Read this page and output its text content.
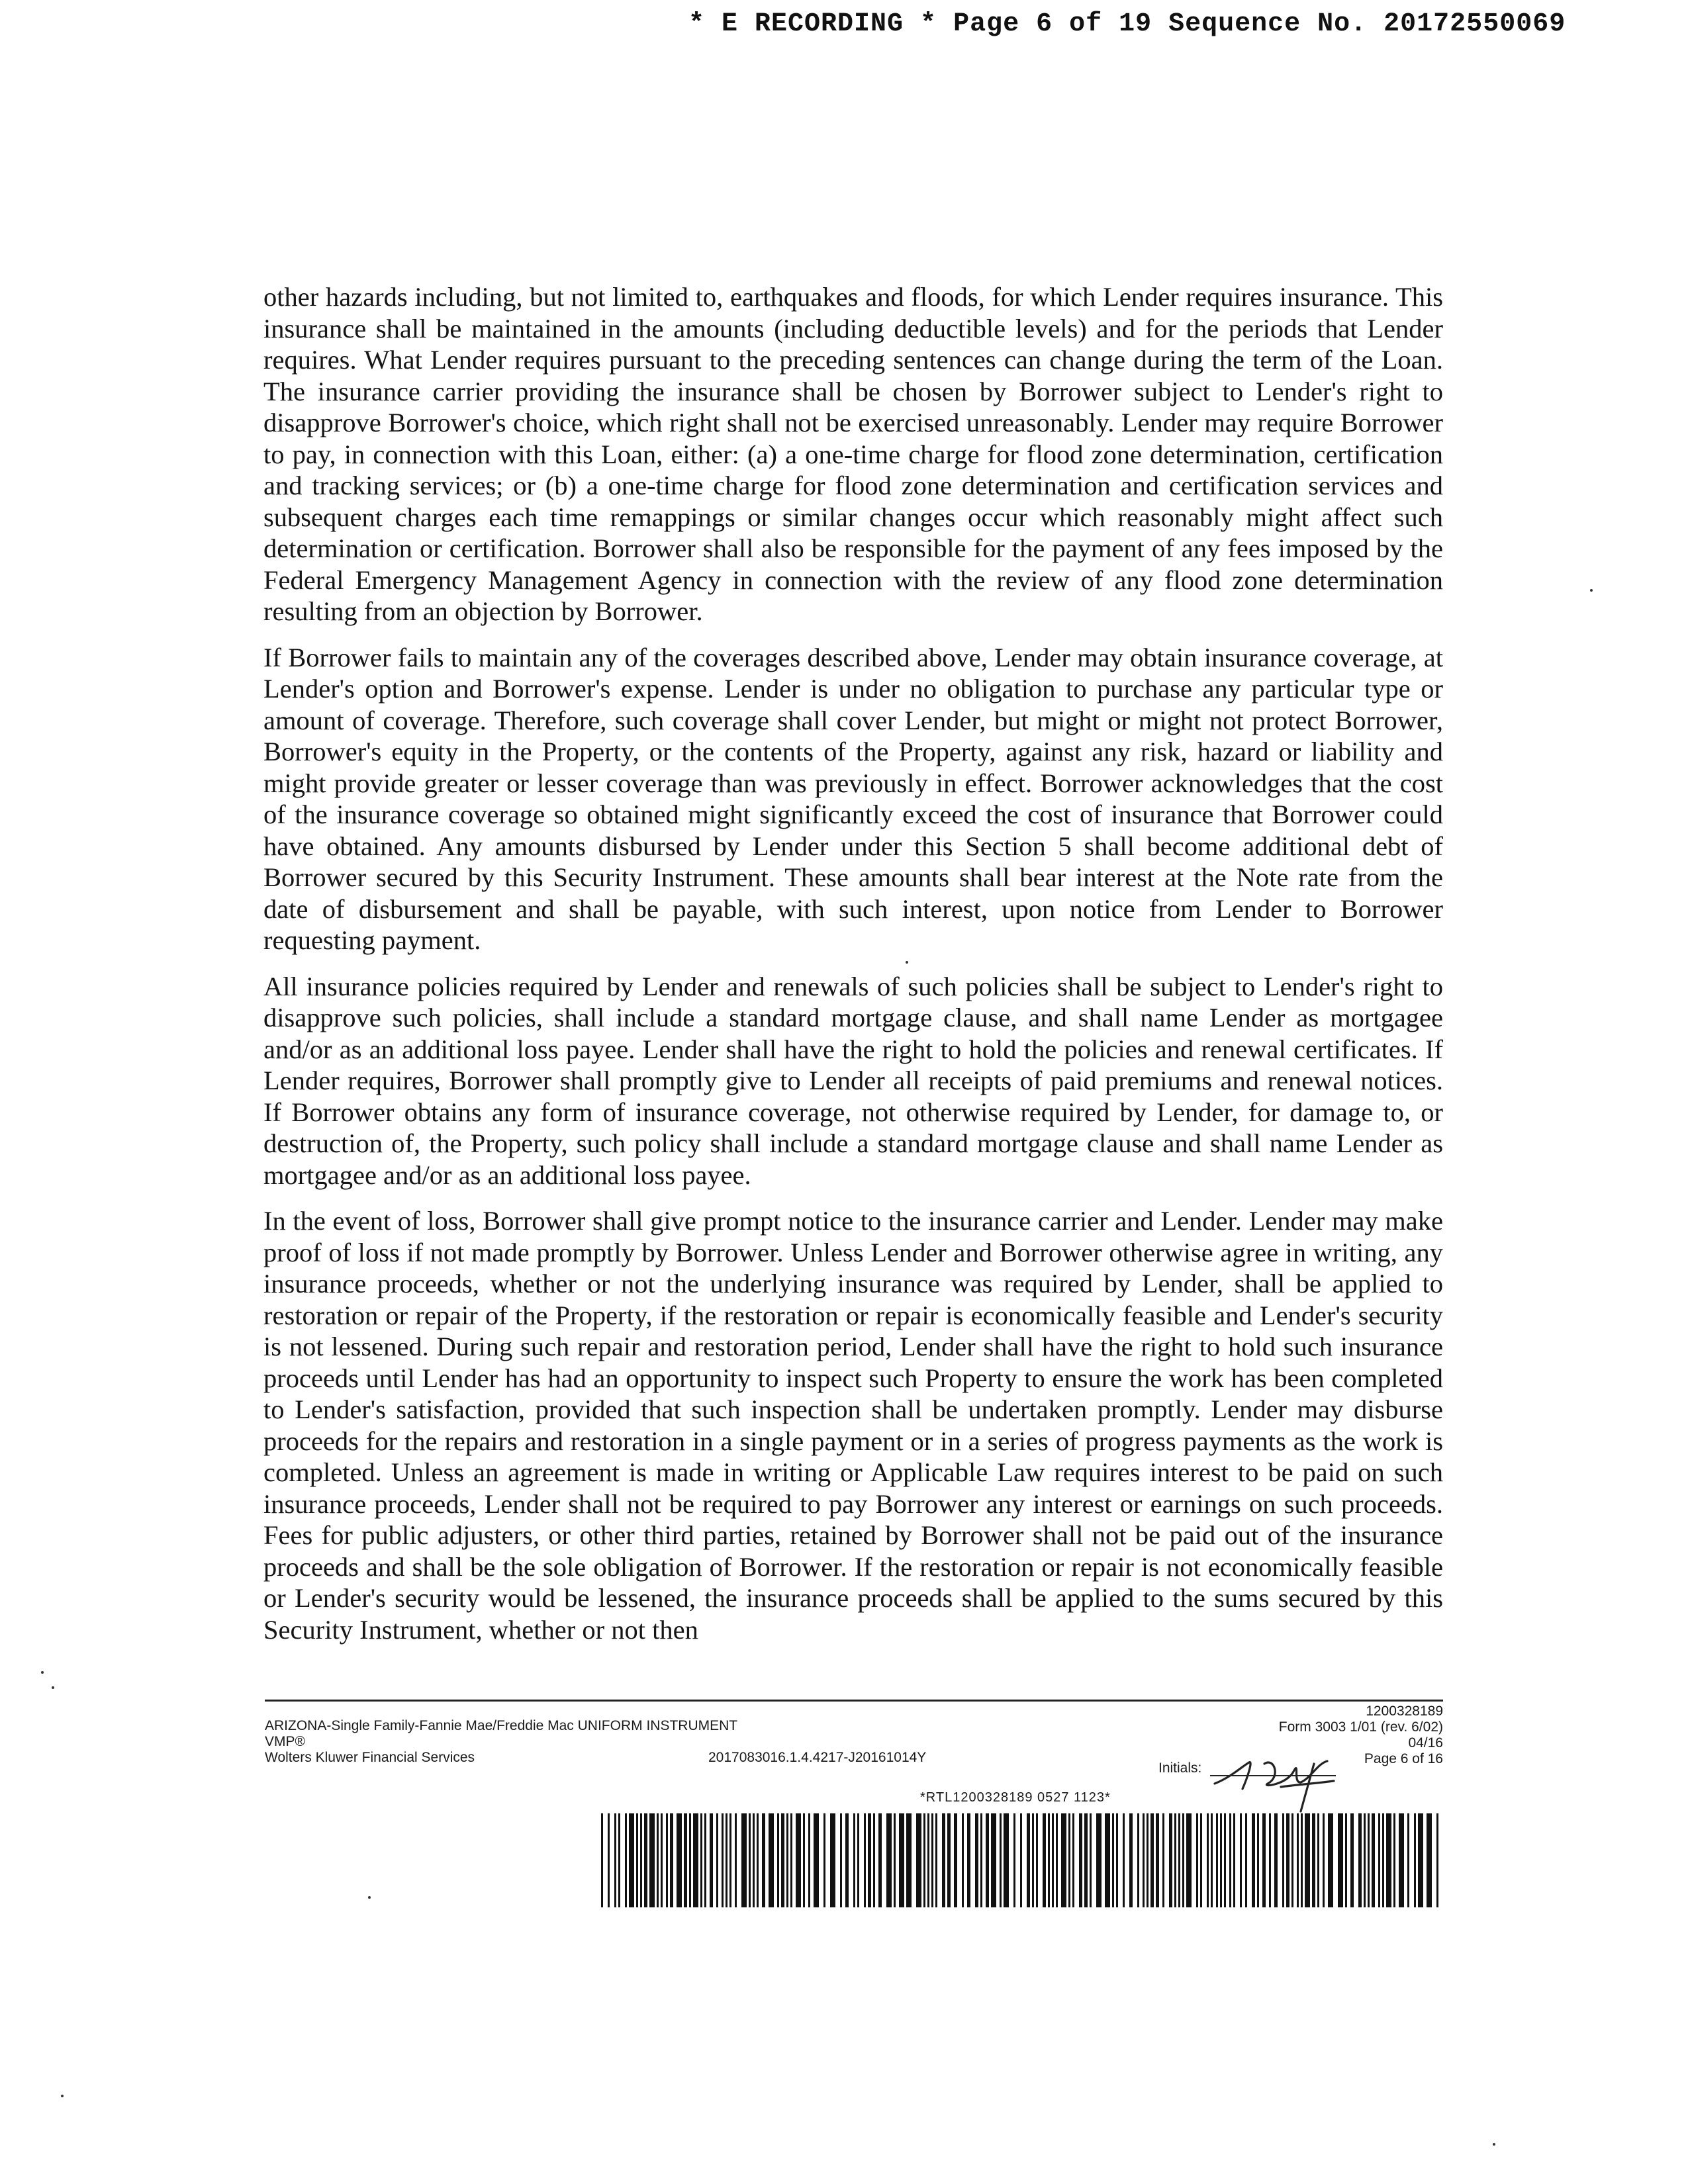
* E RECORDING * Page 6 of 19 Sequence No. 20172550069

other hazards including, but not limited to, earthquakes and floods, for which Lender requires insurance. This insurance shall be maintained in the amounts (including deductible levels) and for the periods that Lender requires. What Lender requires pursuant to the preceding sentences can change during the term of the Loan. The insurance carrier providing the insurance shall be chosen by Borrower subject to Lender's right to disapprove Borrower's choice, which right shall not be exercised unreasonably. Lender may require Borrower to pay, in connection with this Loan, either: (a) a one-time charge for flood zone determination, certification and tracking services; or (b) a one-time charge for flood zone determination and certification services and subsequent charges each time remappings or similar changes occur which reasonably might affect such determination or certification. Borrower shall also be responsible for the payment of any fees imposed by the Federal Emergency Management Agency in connection with the review of any flood zone determination resulting from an objection by Borrower.

If Borrower fails to maintain any of the coverages described above, Lender may obtain insurance coverage, at Lender's option and Borrower's expense. Lender is under no obligation to purchase any particular type or amount of coverage. Therefore, such coverage shall cover Lender, but might or might not protect Borrower, Borrower's equity in the Property, or the contents of the Property, against any risk, hazard or liability and might provide greater or lesser coverage than was previously in effect. Borrower acknowledges that the cost of the insurance coverage so obtained might significantly exceed the cost of insurance that Borrower could have obtained. Any amounts disbursed by Lender under this Section 5 shall become additional debt of Borrower secured by this Security Instrument. These amounts shall bear interest at the Note rate from the date of disbursement and shall be payable, with such interest, upon notice from Lender to Borrower requesting payment.

All insurance policies required by Lender and renewals of such policies shall be subject to Lender's right to disapprove such policies, shall include a standard mortgage clause, and shall name Lender as mortgagee and/or as an additional loss payee. Lender shall have the right to hold the policies and renewal certificates. If Lender requires, Borrower shall promptly give to Lender all receipts of paid premiums and renewal notices. If Borrower obtains any form of insurance coverage, not otherwise required by Lender, for damage to, or destruction of, the Property, such policy shall include a standard mortgage clause and shall name Lender as mortgagee and/or as an additional loss payee.

In the event of loss, Borrower shall give prompt notice to the insurance carrier and Lender. Lender may make proof of loss if not made promptly by Borrower. Unless Lender and Borrower otherwise agree in writing, any insurance proceeds, whether or not the underlying insurance was required by Lender, shall be applied to restoration or repair of the Property, if the restoration or repair is economically feasible and Lender's security is not lessened. During such repair and restoration period, Lender shall have the right to hold such insurance proceeds until Lender has had an opportunity to inspect such Property to ensure the work has been completed to Lender's satisfaction, provided that such inspection shall be undertaken promptly. Lender may disburse proceeds for the repairs and restoration in a single payment or in a series of progress payments as the work is completed. Unless an agreement is made in writing or Applicable Law requires interest to be paid on such insurance proceeds, Lender shall not be required to pay Borrower any interest or earnings on such proceeds. Fees for public adjusters, or other third parties, retained by Borrower shall not be paid out of the insurance proceeds and shall be the sole obligation of Borrower. If the restoration or repair is not economically feasible or Lender's security would be lessened, the insurance proceeds shall be applied to the sums secured by this Security Instrument, whether or not then

ARIZONA-Single Family-Fannie Mae/Freddie Mac UNIFORM INSTRUMENT
VMP®
Wolters Kluwer Financial Services	2017083016.1.4.4217-J20161014Y
1200328189
Form 3003 1/01 (rev. 6/02)
04/16
Page 6 of 16
Initials:
*RTL1200328189 0527 1123*
